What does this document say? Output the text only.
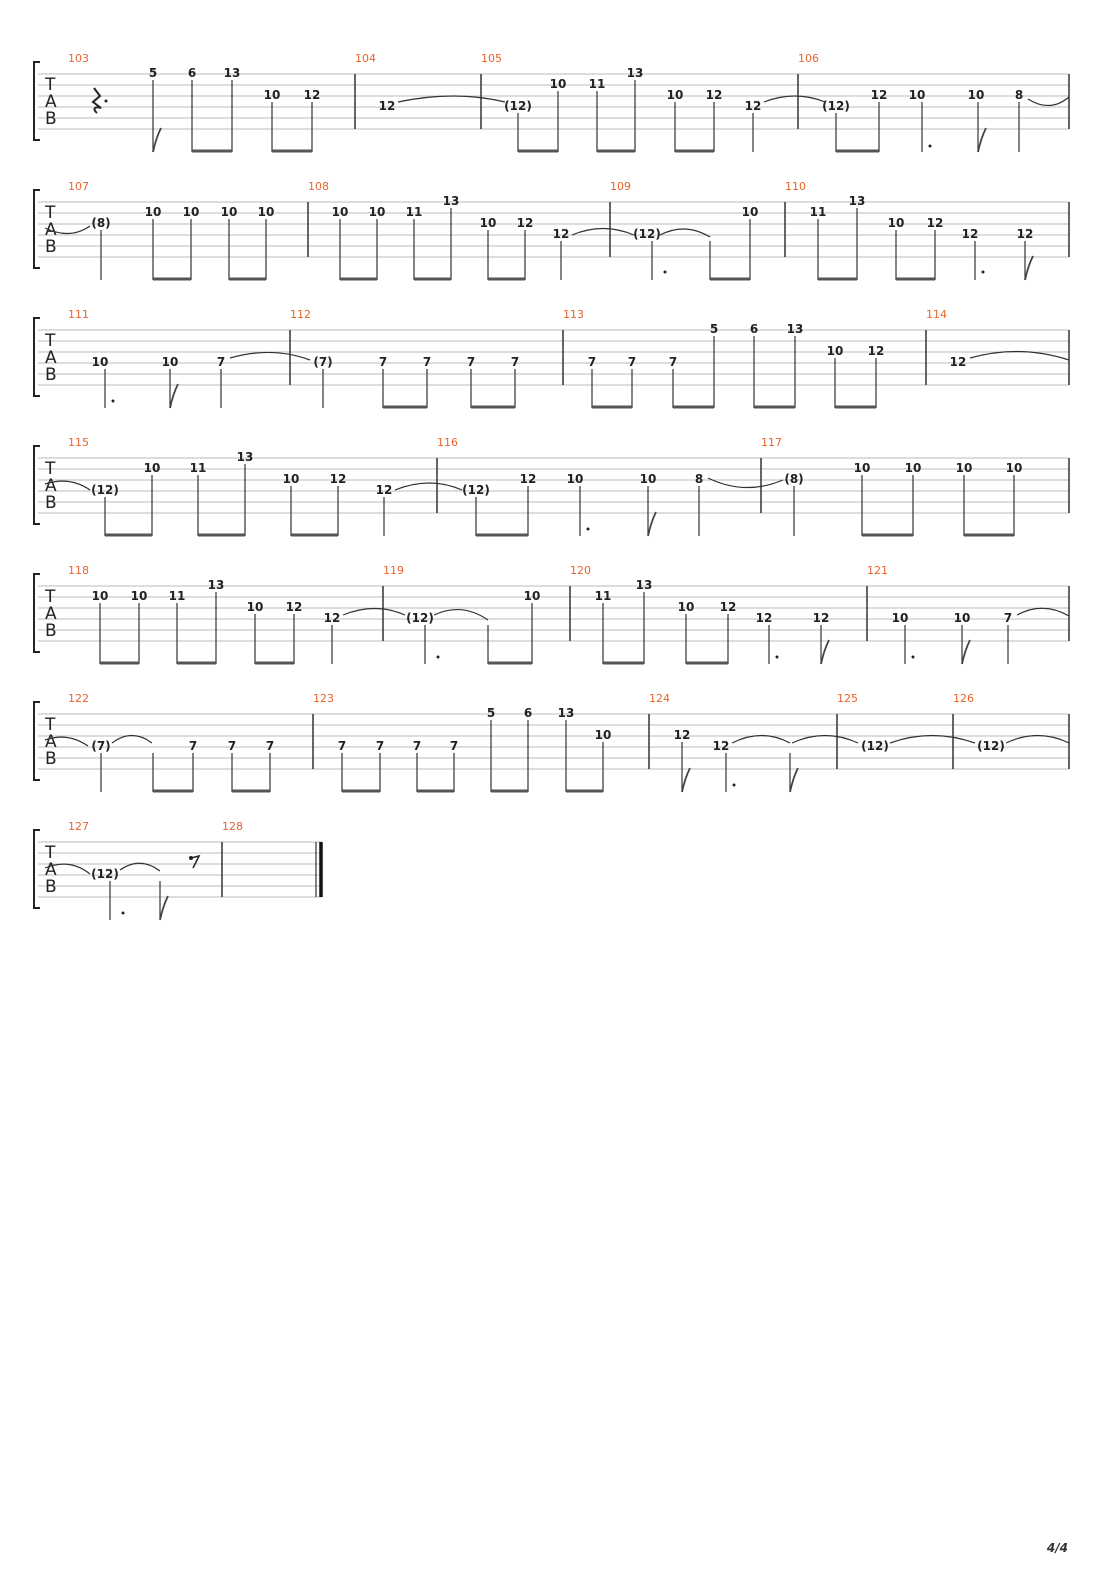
T
A
B
103	104	105	106
5	6 13
10 12
12	(12)
10 11
13
10 12
12	(12)
12 10	10	8
T
A
B
107	108	109	110
(8)
10 10 10 10	10 10 11
13
10 12
12	(12)
10	11
13
10 12
12	12
T
A
B
111	112	113	114
10	10	7	(7)	7	7	7	7	7	7	7
5	6 13
10 12
12
T
A
B
115	116	117
(12)
10 11
13
10	12
12	(12)
12	10	10	8	(8)
10	10	10	10
T
A
B
118	119	120	121
10 10 11
13
10 12
12	(12)
10	11
13
10 12
12	12	10	10	7
T
A
B
122	123	124	125	126
(7)	7	7 7	7 7 7 7
5 6 13
10	12
12	(12)	(12)
T
A
B
127	128
(12)
4/4
